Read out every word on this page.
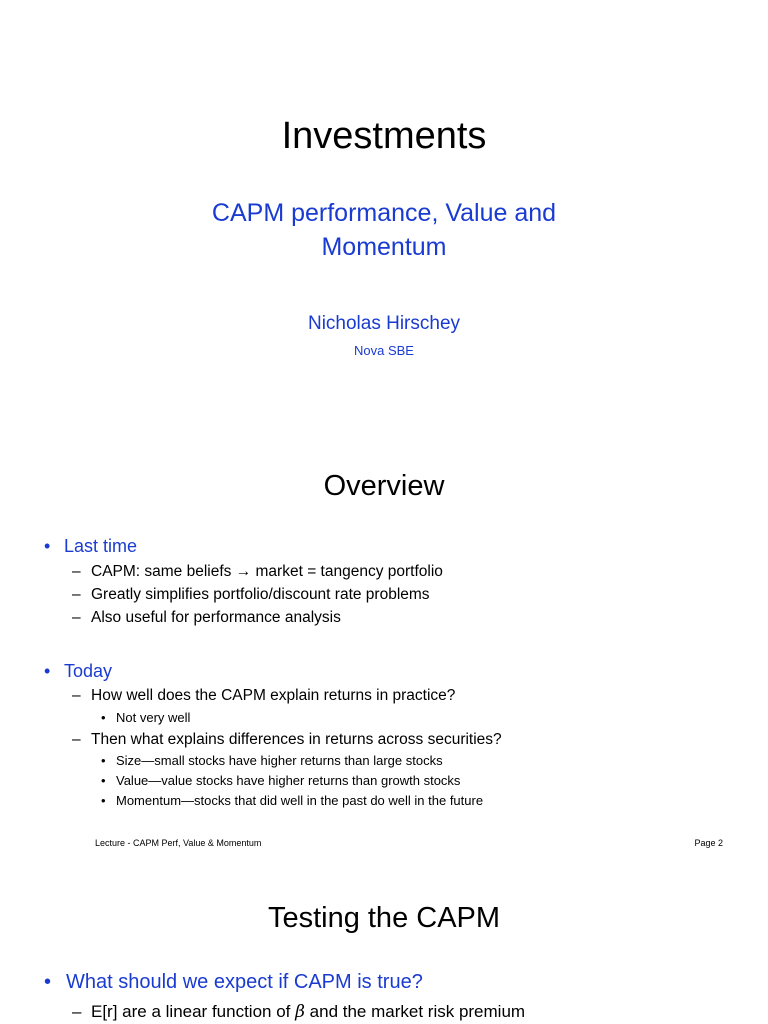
Investments
CAPM performance, Value and
Momentum
Nicholas Hirschey
Nova SBE
Overview
• Last time
– CAPM: same beliefs → market = tangency portfolio
– Greatly simplifies portfolio/discount rate problems
– Also useful for performance analysis
• Today
– How well does the CAPM explain returns in practice?
• Not very well
– Then what explains differences in returns across securities?
• Size—small stocks have higher returns than large stocks
• Value—value stocks have higher returns than growth stocks
• Momentum—stocks that did well in the past do well in the future
Lecture - CAPM Perf, Value & Momentum	Page 2
Testing the CAPM
• What should we expect if CAPM is true?
– E[r] are a linear function of β and the market risk premium
